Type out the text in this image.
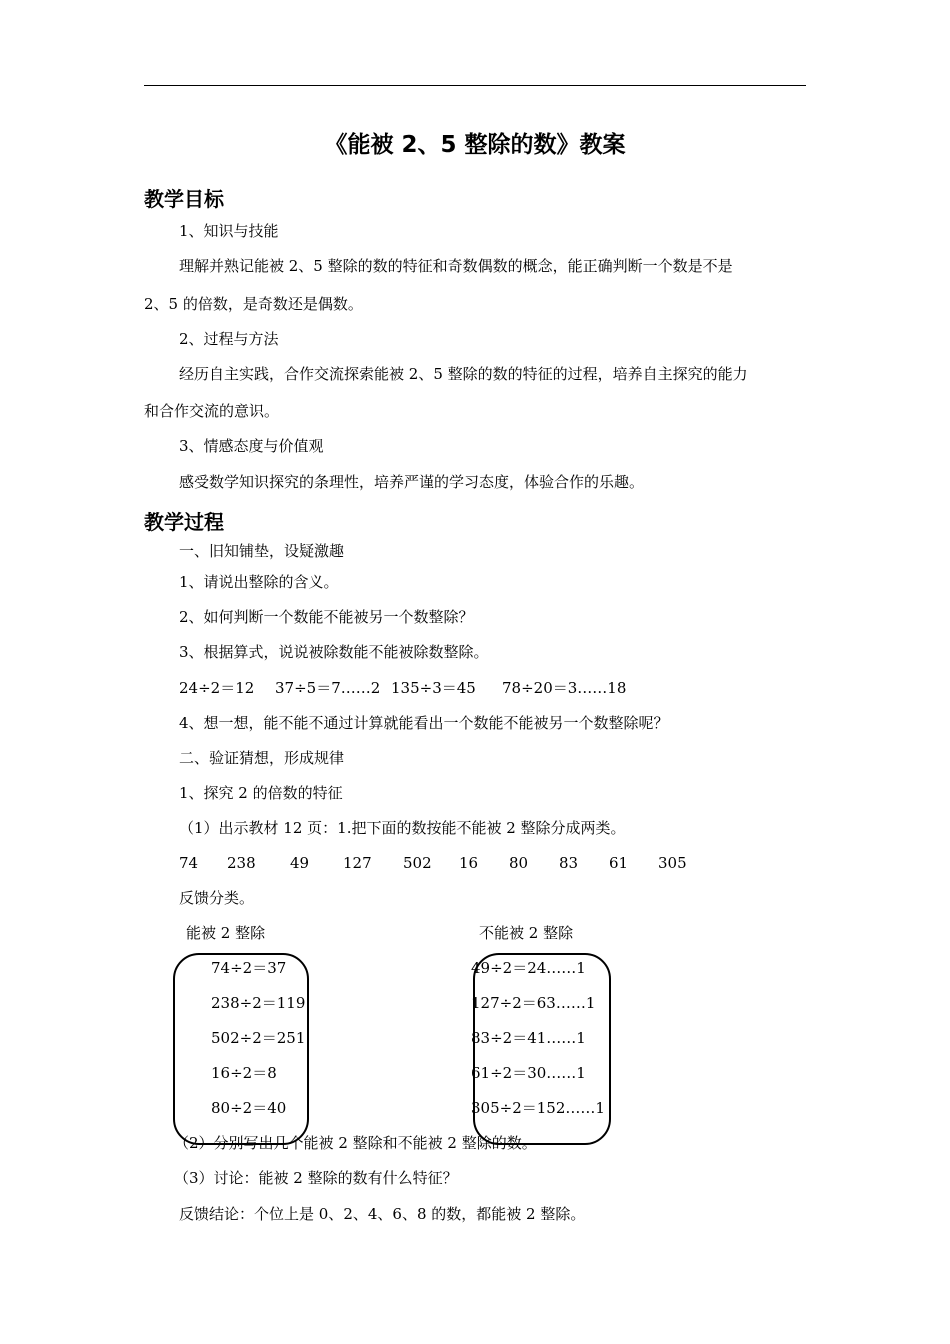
《能被 2、5 整除的数》教案
教学目标
1、知识与技能
理解并熟记能被 2、5 整除的数的特征和奇数偶数的概念，能正确判断一个数是不是
2、5 的倍数，是奇数还是偶数。
2、过程与方法
经历自主实践，合作交流探索能被 2、5 整除的数的特征的过程，培养自主探究的能力
和合作交流的意识。
3、情感态度与价值观
感受数学知识探究的条理性，培养严谨的学习态度，体验合作的乐趣。
教学过程
一、旧知铺垫，设疑激趣
1、请说出整除的含义。
2、如何判断一个数能不能被另一个数整除？
3、根据算式，说说被除数能不能被除数整除。
24÷2＝12 37÷5＝7……2 135÷3＝45 78÷20＝3……18
4、想一想，能不能不通过计算就能看出一个数能不能被另一个数整除呢？
二、验证猜想，形成规律
1、探究 2 的倍数的特征
（1）出示教材 12 页：1.把下面的数按能不能被 2 整除分成两类。
74 238 49 127 502 16 80 83 61 305
反馈分类。
能被 2 整除	不能被 2 整除
74÷2＝37
238÷2＝119
502÷2＝251
16÷2＝8
80÷2＝40
49÷2＝24……1
127÷2＝63……1
83÷2＝41……1
61÷2＝30……1
305÷2＝152……1
（2）分别写出几个能被 2 整除和不能被 2 整除的数。
（3）讨论：能被 2 整除的数有什么特征？
反馈结论：个位上是 0、2、4、6、8 的数，都能被 2 整除。
